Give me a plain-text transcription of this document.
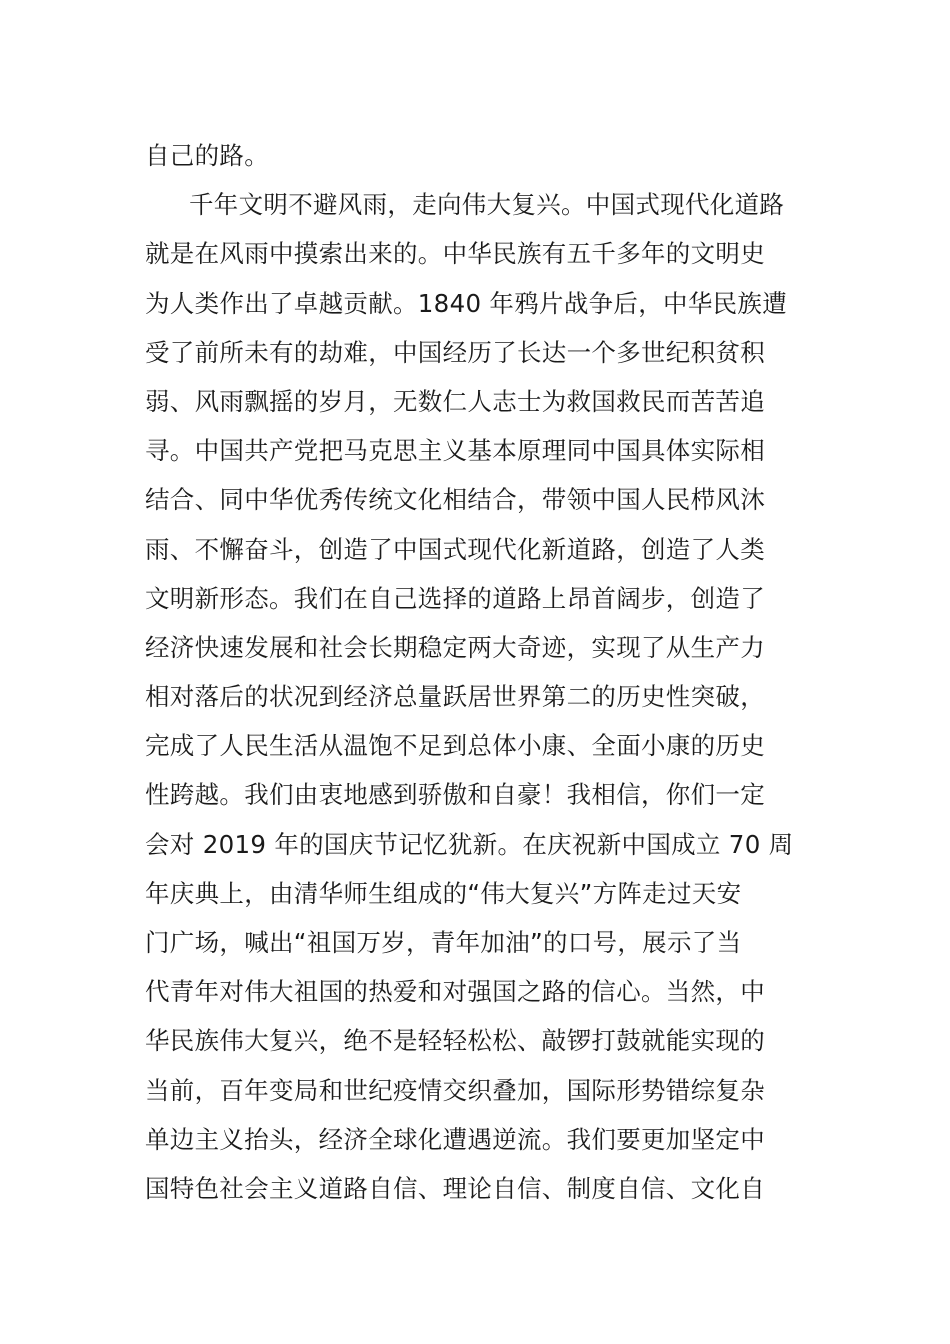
自己的路。
千年文明不避风雨，走向伟大复兴。中国式现代化道路
就是在风雨中摸索出来的。中华民族有五千多年的文明史
为人类作出了卓越贡献。1840 年鸦片战争后，中华民族遭
受了前所未有的劫难，中国经历了长达一个多世纪积贫积
弱、风雨飘摇的岁月，无数仁人志士为救国救民而苦苦追
寻。中国共产党把马克思主义基本原理同中国具体实际相
结合、同中华优秀传统文化相结合，带领中国人民栉风沐
雨、不懈奋斗，创造了中国式现代化新道路，创造了人类
文明新形态。我们在自己选择的道路上昂首阔步，创造了
经济快速发展和社会长期稳定两大奇迹，实现了从生产力
相对落后的状况到经济总量跃居世界第二的历史性突破，
完成了人民生活从温饱不足到总体小康、全面小康的历史
性跨越。我们由衷地感到骄傲和自豪！我相信，你们一定
会对 2019 年的国庆节记忆犹新。在庆祝新中国成立 70 周
年庆典上，由清华师生组成的“伟大复兴”方阵走过天安
门广场，喊出“祖国万岁，青年加油”的口号，展示了当
代青年对伟大祖国的热爱和对强国之路的信心。当然，中
华民族伟大复兴，绝不是轻轻松松、敲锣打鼓就能实现的
当前，百年变局和世纪疫情交织叠加，国际形势错综复杂
单边主义抬头，经济全球化遭遇逆流。我们要更加坚定中
国特色社会主义道路自信、理论自信、制度自信、文化自
